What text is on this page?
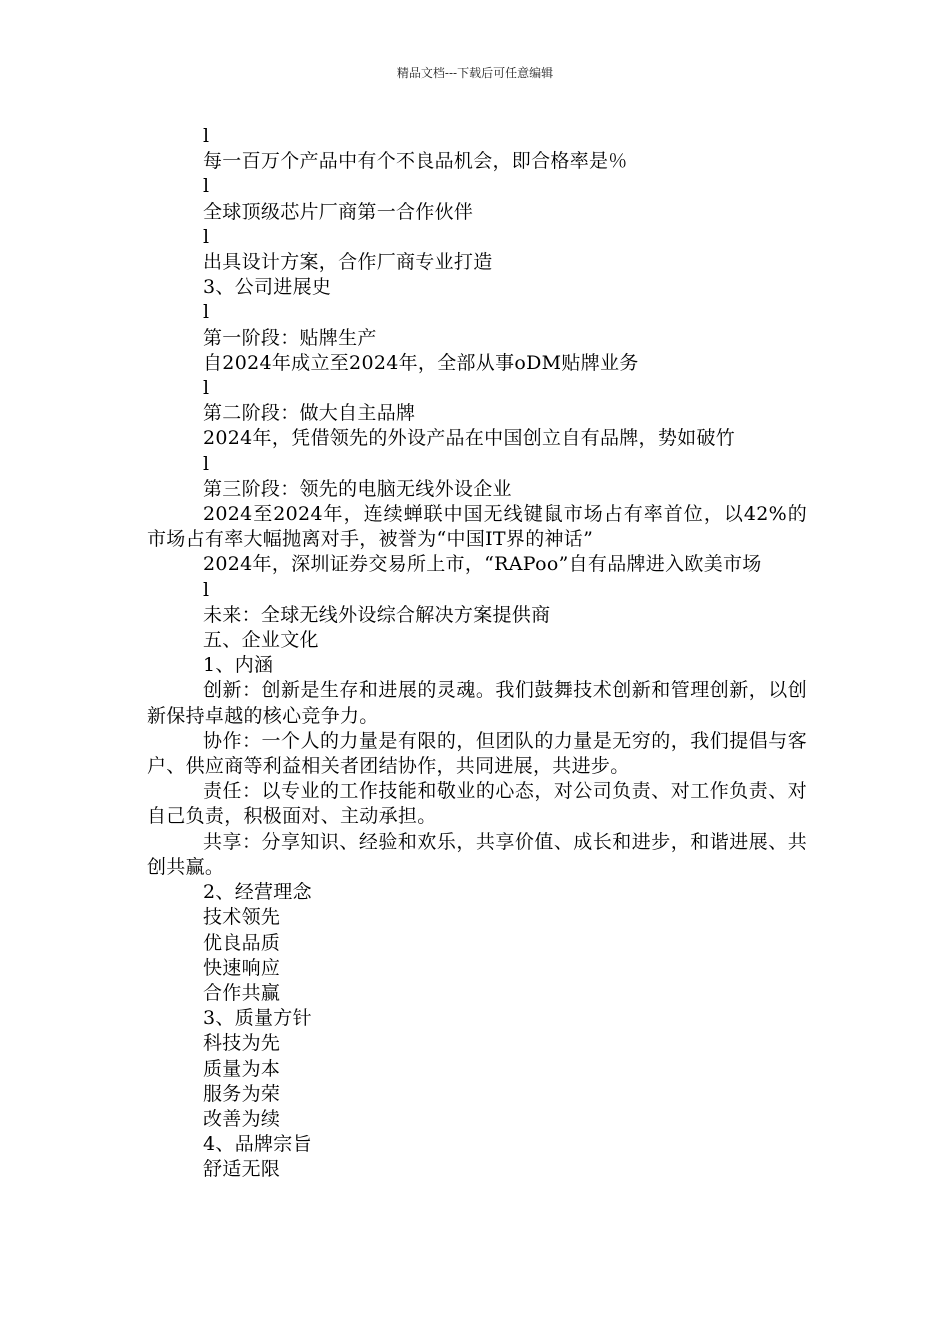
精品文档---下载后可任意编辑

l

每一百万个产品中有个不良品机会，即合格率是％

l

全球顶级芯片厂商第一合作伙伴

l

出具设计方案，合作厂商专业打造

3、公司进展史

l

第一阶段：贴牌生产

自2024年成立至2024年，全部从事oDM贴牌业务

l

第二阶段：做大自主品牌

2024年，凭借领先的外设产品在中国创立自有品牌，势如破竹

l

第三阶段：领先的电脑无线外设企业

2024至2024年，连续蝉联中国无线键鼠市场占有率首位，以42%的市场占有率大幅抛离对手，被誉为“中国IT界的神话”

2024年，深圳证券交易所上市，“RAPoo”自有品牌进入欧美市场

l

未来：全球无线外设综合解决方案提供商

五、企业文化

1、内涵

创新：创新是生存和进展的灵魂。我们鼓舞技术创新和管理创新，以创新保持卓越的核心竞争力。

协作：一个人的力量是有限的，但团队的力量是无穷的，我们提倡与客户、供应商等利益相关者团结协作，共同进展，共进步。

责任：以专业的工作技能和敬业的心态，对公司负责、对工作负责、对自己负责，积极面对、主动承担。

共享：分享知识、经验和欢乐，共享价值、成长和进步，和谐进展、共创共赢。

2、经营理念

技术领先

优良品质

快速响应

合作共赢

3、质量方针

科技为先

质量为本

服务为荣

改善为续

4、品牌宗旨

舒适无限
